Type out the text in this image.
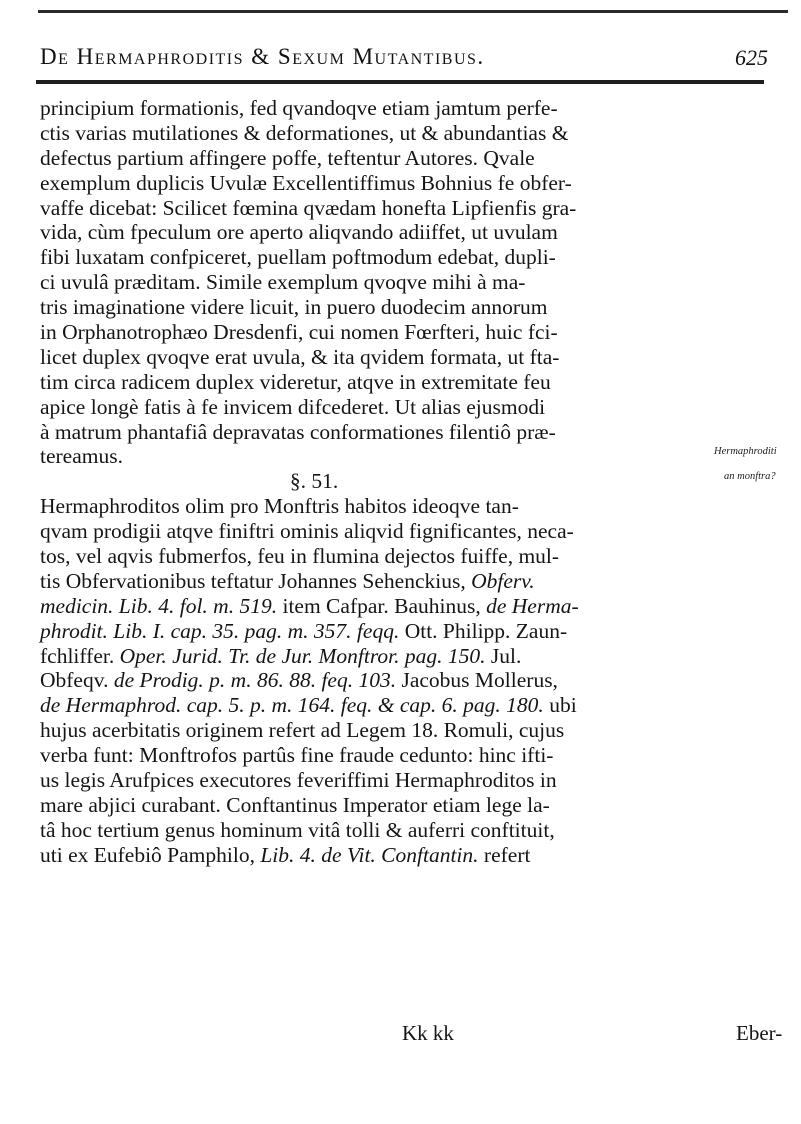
De Hermaphroditis & Sexum Mutantibus.	625
principium formationis, fed qvandoqve etiam jamtum perfe-
ctis varias mutilationes & deformationes, ut & abundantias &
defectus partium affingere poffe, teftentur Autores. Qvale
exemplum duplicis Uvulæ Excellentiffimus Bohnius fe obfer-
vaffe dicebat: Scilicet fœmina qvædam honefta Lipfienfis gra-
vida, cùm fpeculum ore aperto aliqvando adiiffet, ut uvulam
fibi luxatam confpiceret, puellam poftmodum edebat, dupli-
ci uvulâ præditam. Simile exemplum qvoqve mihi à ma-
tris imaginatione videre licuit, in puero duodecim annorum
in Orphanotrophæo Dresdenfi, cui nomen Fœrfteri, huic fci-
licet duplex qvoqve erat uvula, & ita qvidem formata, ut fta-
tim circa radicem duplex videretur, atqve in extremitate feu
apice longè fatis à fe invicem difcederet. Ut alias ejusmodi
à matrum phantafiâ depravatas conformationes filentiô præ-
tereamus.
§. 51.
Hermaphroditos olim pro Monftris habitos ideoqve tan-
qvam prodigii atqve finiftri ominis aliqvid fignificantes, neca-
tos, vel aqvis fubmerfos, feu in flumina dejectos fuiffe, mul-
tis Obfervationibus teftatur Johannes Sehenckius, Obferv.
medicin. Lib. 4. fol. m. 519. item Cafpar. Bauhinus, de Herma-
phrodit. Lib. I. cap. 35. pag. m. 357. feqq. Ott. Philipp. Zaun-
fchliffer. Oper. Jurid. Tr. de Jur. Monftror. pag. 150. Jul.
Obfeqv. de Prodig. p. m. 86. 88. feq. 103. Jacobus Mollerus,
de Hermaphrod. cap. 5. p. m. 164. feq. & cap. 6. pag. 180. ubi
hujus acerbitatis originem refert ad Legem 18. Romuli, cujus
verba funt: Monftrofos partûs fine fraude cedunto: hinc ifti-
us legis Arufpices executores feveriffimi Hermaphroditos in
mare abjici curabant. Conftantinus Imperator etiam lege la-
tâ hoc tertium genus hominum vitâ tolli & auferri conftituit,
uti ex Eufebiô Pamphilo, Lib. 4. de Vit. Conftantin. refert
Hermaphroditi
an monftra?
Kk kk	Eber-
